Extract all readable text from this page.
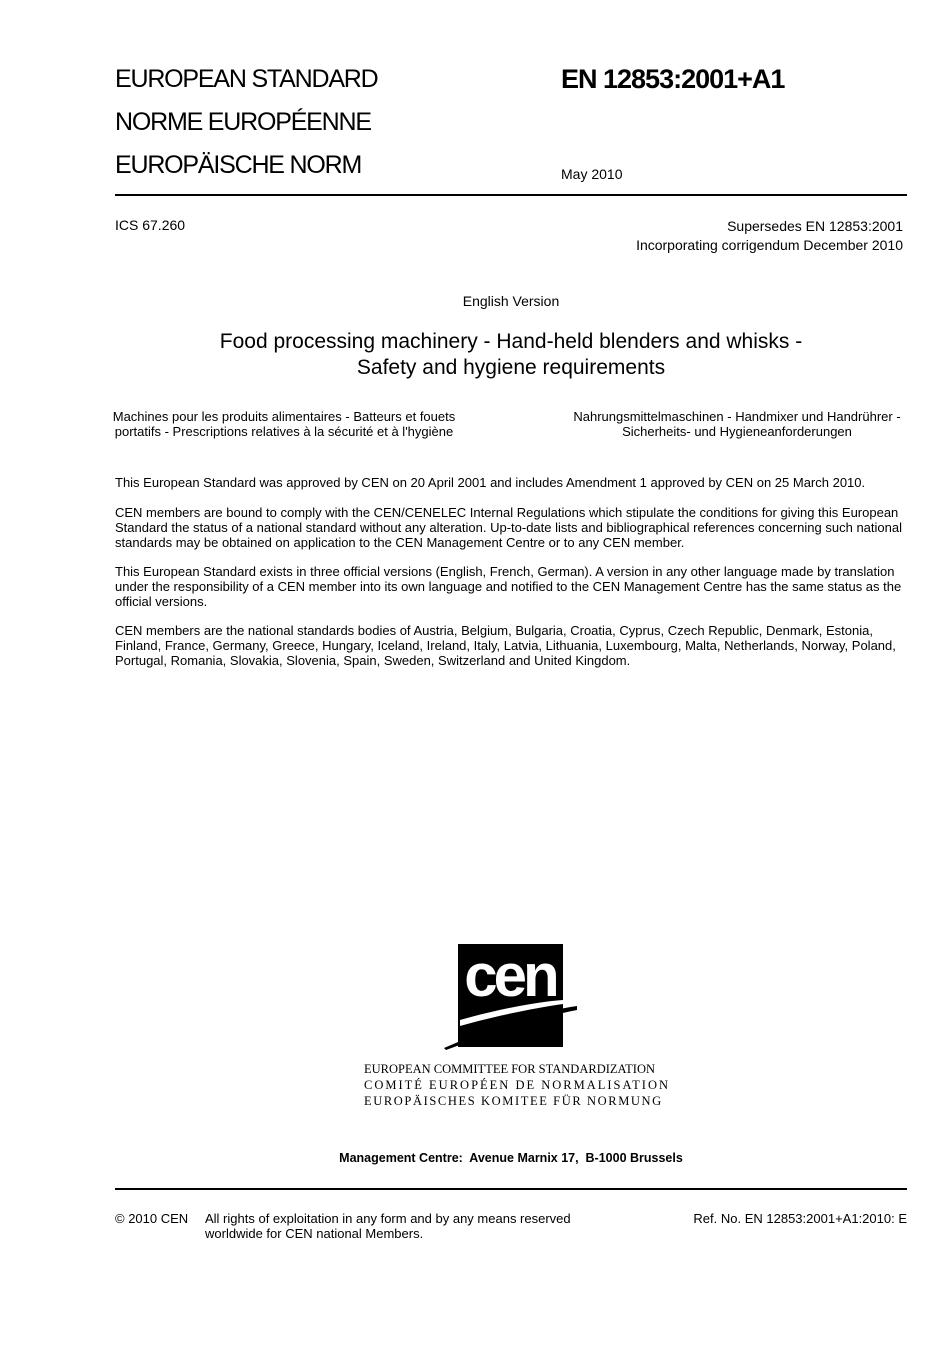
EUROPEAN STANDARD
NORME EUROPÉENNE
EUROPÄISCHE NORM
EN 12853:2001+A1
May 2010
ICS 67.260	Supersedes EN 12853:2001
Incorporating corrigendum December 2010
English Version
Food processing machinery - Hand-held blenders and whisks -
Safety and hygiene requirements
Machines pour les produits alimentaires - Batteurs et fouets
portatifs - Prescriptions relatives à la sécurité et à l'hygiène
Nahrungsmittelmaschinen - Handmixer und Handrührer -
Sicherheits- und Hygieneanforderungen
This European Standard was approved by CEN on 20 April 2001 and includes Amendment 1 approved by CEN on 25 March 2010.
CEN members are bound to comply with the CEN/CENELEC Internal Regulations which stipulate the conditions for giving this European Standard the status of a national standard without any alteration. Up-to-date lists and bibliographical references concerning such national standards may be obtained on application to the CEN Management Centre or to any CEN member.
This European Standard exists in three official versions (English, French, German). A version in any other language made by translation under the responsibility of a CEN member into its own language and notified to the CEN Management Centre has the same status as the official versions.
CEN members are the national standards bodies of Austria, Belgium, Bulgaria, Croatia, Cyprus, Czech Republic, Denmark, Estonia, Finland, France, Germany, Greece, Hungary, Iceland, Ireland, Italy, Latvia, Lithuania, Luxembourg, Malta, Netherlands, Norway, Poland, Portugal, Romania, Slovakia, Slovenia, Spain, Sweden, Switzerland and United Kingdom.
cen
EUROPEAN COMMITTEE FOR STANDARDIZATION
COMITÉ EUROPÉEN DE NORMALISATION
EUROPÄISCHES KOMITEE FÜR NORMUNG
Management Centre:  Avenue Marnix 17,  B-1000 Brussels
© 2010 CEN All rights of exploitation in any form and by any means reserved
worldwide for CEN national Members.
Ref. No. EN 12853:2001+A1:2010: E
